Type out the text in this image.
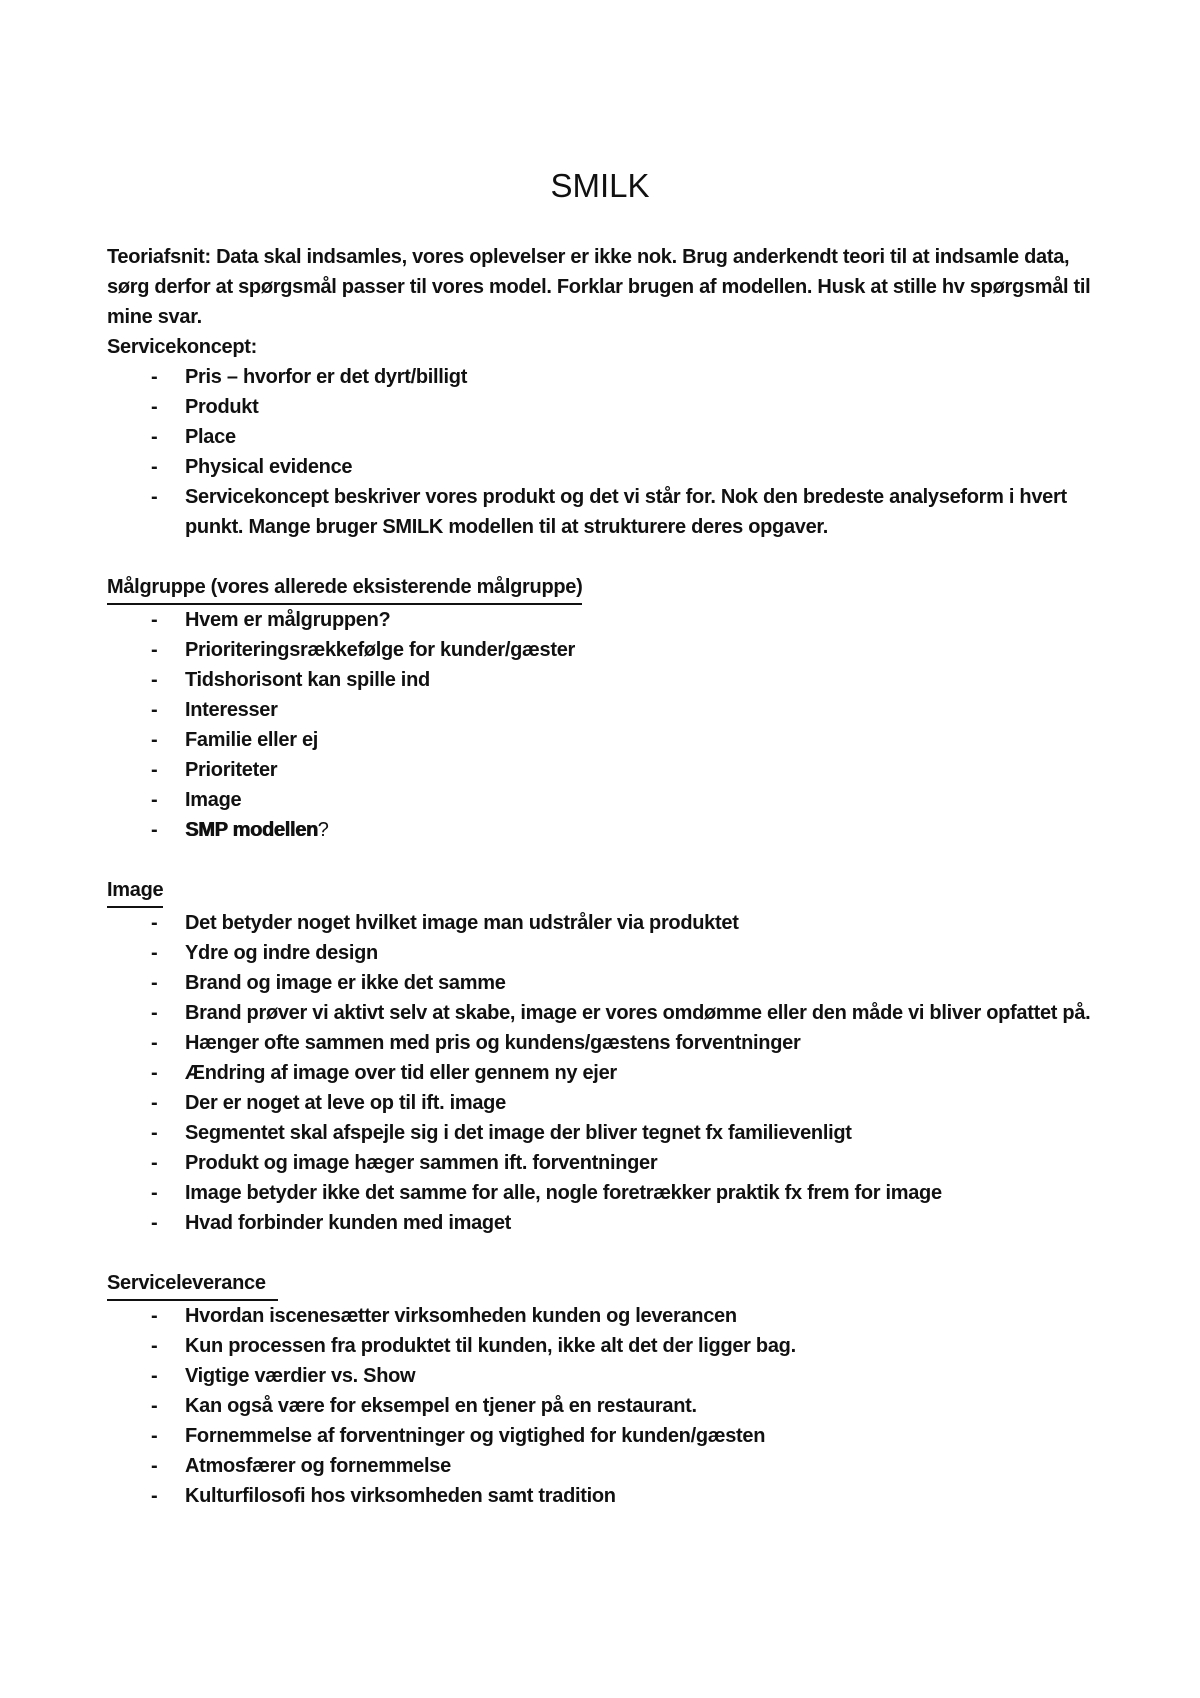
SMILK

Teoriafsnit: Data skal indsamles, vores oplevelser er ikke nok. Brug anderkendt teori til at indsamle data, sørg derfor at spørgsmål passer til vores model. Forklar brugen af modellen. Husk at stille hv spørgsmål til mine svar.

Servicekoncept:

-	Pris – hvorfor er det dyrt/billigt
-	Produkt
-	Place
-	Physical evidence
-	Servicekoncept beskriver vores produkt og det vi står for. Nok den bredeste analyseform i hvert punkt. Mange bruger SMILK modellen til at strukturere deres opgaver.

Målgruppe (vores allerede eksisterende målgruppe)

-	Hvem er målgruppen?
-	Prioriteringsrækkefølge for kunder/gæster
-	Tidshorisont kan spille ind
-	Interesser
-	Familie eller ej
-	Prioriteter
-	Image
-	SMP modellen?

Image

-	Det betyder noget hvilket image man udstråler via produktet
-	Ydre og indre design
-	Brand og image er ikke det samme
-	Brand prøver vi aktivt selv at skabe, image er vores omdømme eller den måde vi bliver opfattet på.
-	Hænger ofte sammen med pris og kundens/gæstens forventninger
-	Ændring af image over tid eller gennem ny ejer
-	Der er noget at leve op til ift. image
-	Segmentet skal afspejle sig i det image der bliver tegnet fx familievenligt
-	Produkt og image hæger sammen ift. forventninger
-	Image betyder ikke det samme for alle, nogle foretrækker praktik fx frem for image
-	Hvad forbinder kunden med imaget

Serviceleverance

-	Hvordan iscenesætter virksomheden kunden og leverancen
-	Kun processen fra produktet til kunden, ikke alt det der ligger bag.
-	Vigtige værdier vs. Show
-	Kan også være for eksempel en tjener på en restaurant.
-	Fornemmelse af forventninger og vigtighed for kunden/gæsten
-	Atmosfærer og fornemmelse
-	Kulturfilosofi hos virksomheden samt tradition
